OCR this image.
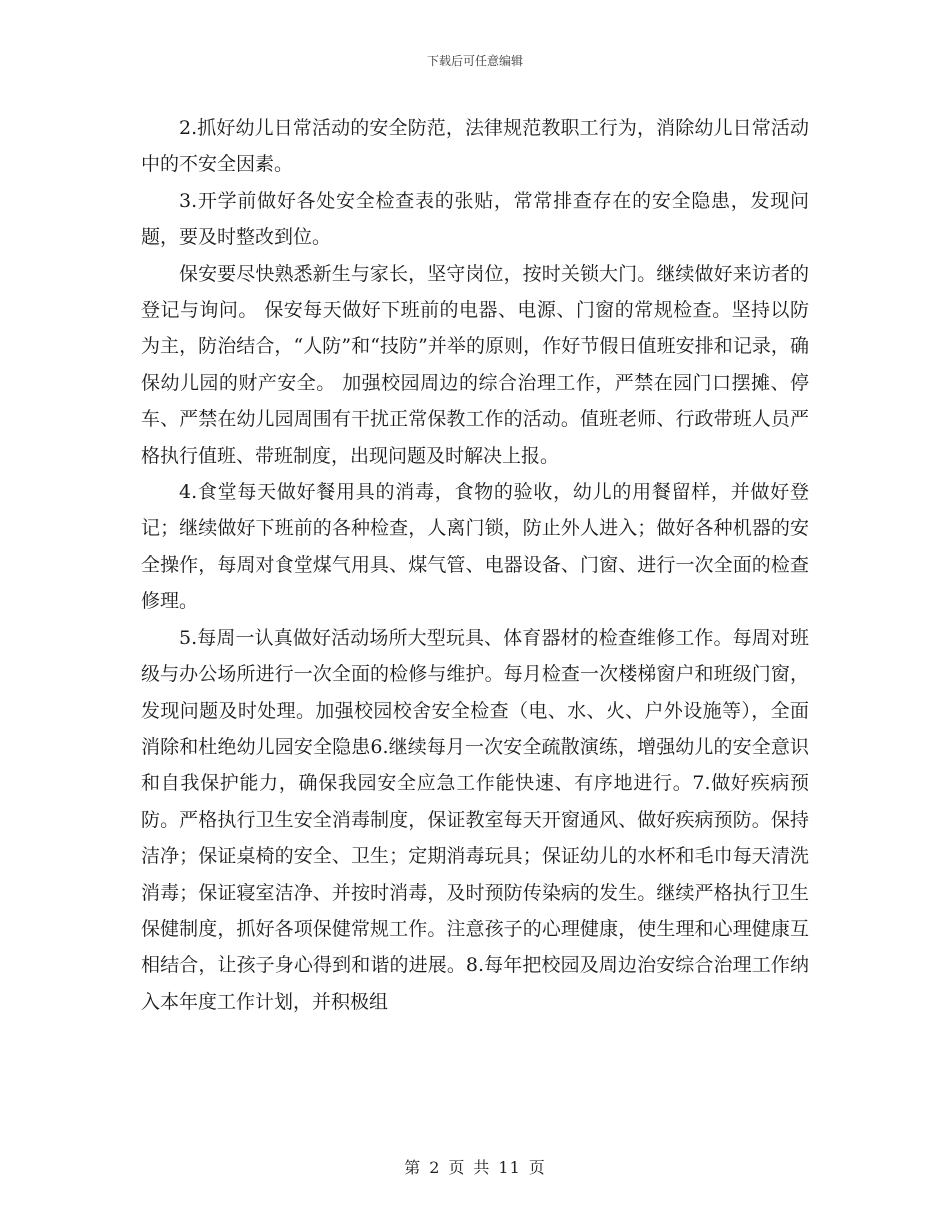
下载后可任意编辑

2.抓好幼儿日常活动的安全防范，法律规范教职工行为，消除幼儿日常活动中的不安全因素。

3.开学前做好各处安全检查表的张贴，常常排查存在的安全隐患，发现问题，要及时整改到位。

保安要尽快熟悉新生与家长，坚守岗位，按时关锁大门。继续做好来访者的登记与询问。 保安每天做好下班前的电器、电源、门窗的常规检查。坚持以防为主，防治结合，“人防”和“技防”并举的原则，作好节假日值班安排和记录，确保幼儿园的财产安全。 加强校园周边的综合治理工作，严禁在园门口摆摊、停车、严禁在幼儿园周围有干扰正常保教工作的活动。值班老师、行政带班人员严格执行值班、带班制度，出现问题及时解决上报。

4.食堂每天做好餐用具的消毒，食物的验收，幼儿的用餐留样，并做好登记；继续做好下班前的各种检查，人离门锁，防止外人进入；做好各种机器的安全操作，每周对食堂煤气用具、煤气管、电器设备、门窗、进行一次全面的检查修理。

5.每周一认真做好活动场所大型玩具、体育器材的检查维修工作。每周对班级与办公场所进行一次全面的检修与维护。每月检查一次楼梯窗户和班级门窗，发现问题及时处理。加强校园校舍安全检查（电、水、火、户外设施等），全面消除和杜绝幼儿园安全隐患6.继续每月一次安全疏散演练，增强幼儿的安全意识和自我保护能力，确保我园安全应急工作能快速、有序地进行。7.做好疾病预防。严格执行卫生安全消毒制度，保证教室每天开窗通风、做好疾病预防。保持洁净；保证桌椅的安全、卫生；定期消毒玩具；保证幼儿的水杯和毛巾每天清洗消毒；保证寝室洁净、并按时消毒，及时预防传染病的发生。继续严格执行卫生保健制度，抓好各项保健常规工作。注意孩子的心理健康，使生理和心理健康互相结合，让孩子身心得到和谐的进展。8.每年把校园及周边治安综合治理工作纳入本年度工作计划，并积极组

第 2 页 共 11 页
